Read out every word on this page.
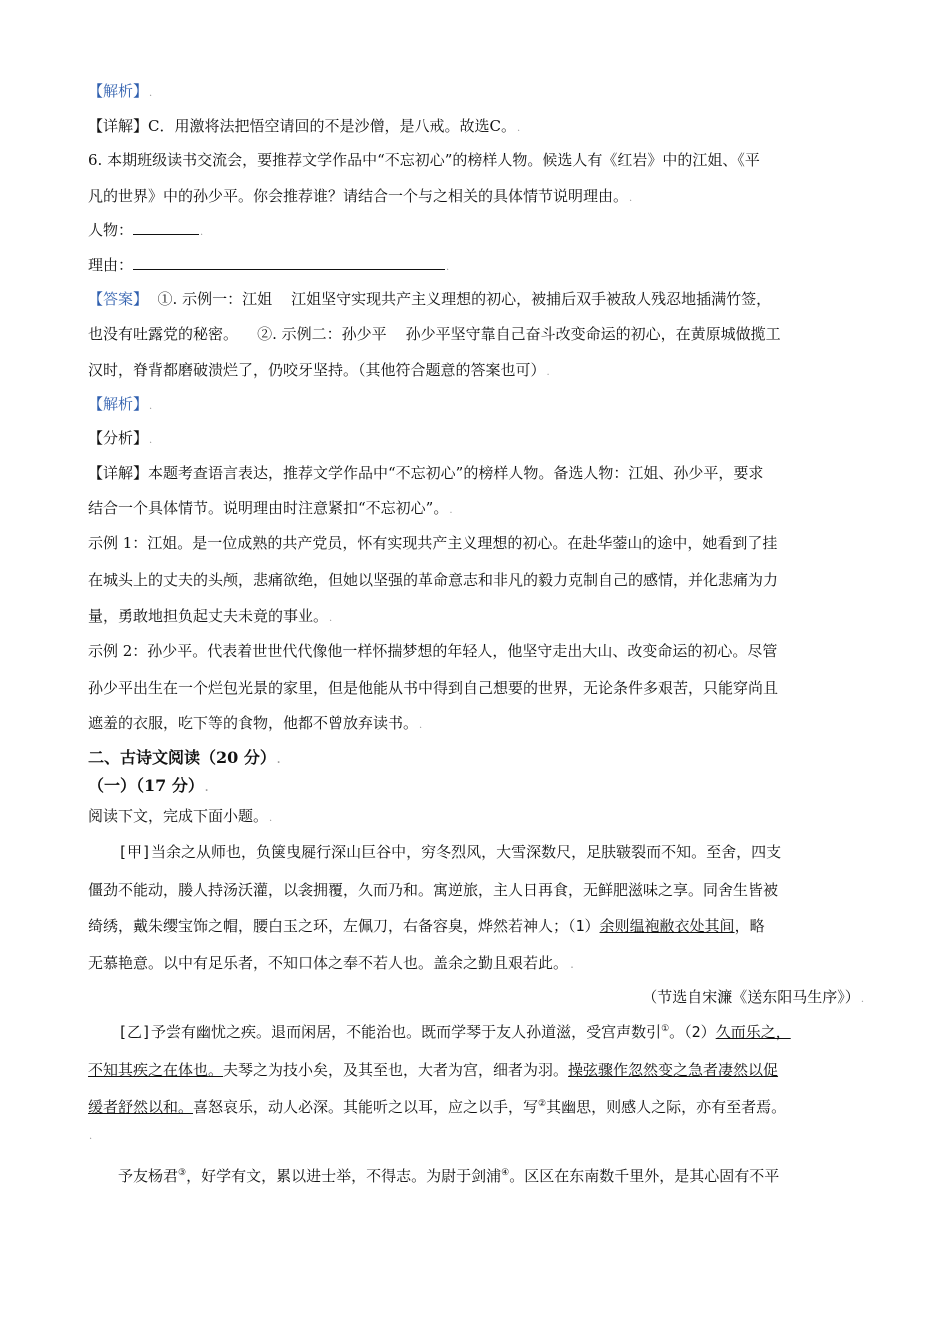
【解析】.
【详解】C．用激将法把悟空请回的不是沙僧，是八戒。故选C。.
6. 本期班级读书交流会，要推荐文学作品中“不忘初心”的榜样人物。候选人有《红岩》中的江姐、《平
凡的世界》中的孙少平。你会推荐谁？请结合一个与之相关的具体情节说明理由。.
人物：	.
理由：	.
【答案】  ①. 示例一：江姐    江姐坚守实现共产主义理想的初心，被捕后双手被敌人残忍地插满竹签，
也没有吐露党的秘密。    ②. 示例二：孙少平    孙少平坚守靠自己奋斗改变命运的初心，在黄原城做揽工
汉时，脊背都磨破溃烂了，仍咬牙坚持。（其他符合题意的答案也可）.
【解析】.
【分析】.
【详解】本题考查语言表达，推荐文学作品中“不忘初心”的榜样人物。备选人物：江姐、孙少平，要求
结合一个具体情节。说明理由时注意紧扣“不忘初心”。.
示例 1：江姐。是一位成熟的共产党员，怀有实现共产主义理想的初心。在赴华蓥山的途中，她看到了挂
在城头上的丈夫的头颅，悲痛欲绝，但她以坚强的革命意志和非凡的毅力克制自己的感情，并化悲痛为力
量，勇敢地担负起丈夫未竟的事业。.
示例 2：孙少平。代表着世世代代像他一样怀揣梦想的年轻人，他坚守走出大山、改变命运的初心。尽管
孙少平出生在一个烂包光景的家里，但是他能从书中得到自己想要的世界，无论条件多艰苦，只能穿尚且
遮羞的衣服，吃下等的食物，他都不曾放弃读书。.
二、古诗文阅读（20 分）.
（一）（17 分）.
阅读下文，完成下面小题。.
[甲]当余之从师也，负箧曳屣行深山巨谷中，穷冬烈风，大雪深数尺，足肤皲裂而不知。至舍，四支
僵劲不能动，媵人持汤沃灌，以衾拥覆，久而乃和。寓逆旅，主人日再食，无鲜肥滋味之享。同舍生皆被
绮绣，戴朱缨宝饰之帽，腰白玉之环，左佩刀，右备容臭，烨然若神人；（1）余则缊袍敝衣处其间，略
无慕艳意。以中有足乐者，不知口体之奉不若人也。盖余之勤且艰若此。.
（节选自宋濂《送东阳马生序》）.
[乙]予尝有幽忧之疾。退而闲居，不能治也。既而学琴于友人孙道滋，受宫声数引①。（2）久而乐之，
不知其疾之在体也。夫琴之为技小矣，及其至也，大者为宫，细者为羽。操弦骤作忽然变之急者凄然以促
缓者舒然以和。喜怒哀乐，动人必深。其能听之以耳，应之以手，写②其幽思，则感人之际，亦有至者焉。
.
予友杨君③，好学有文，累以进士举，不得志。为尉于剑浦④。区区在东南数千里外，是其心固有不平
